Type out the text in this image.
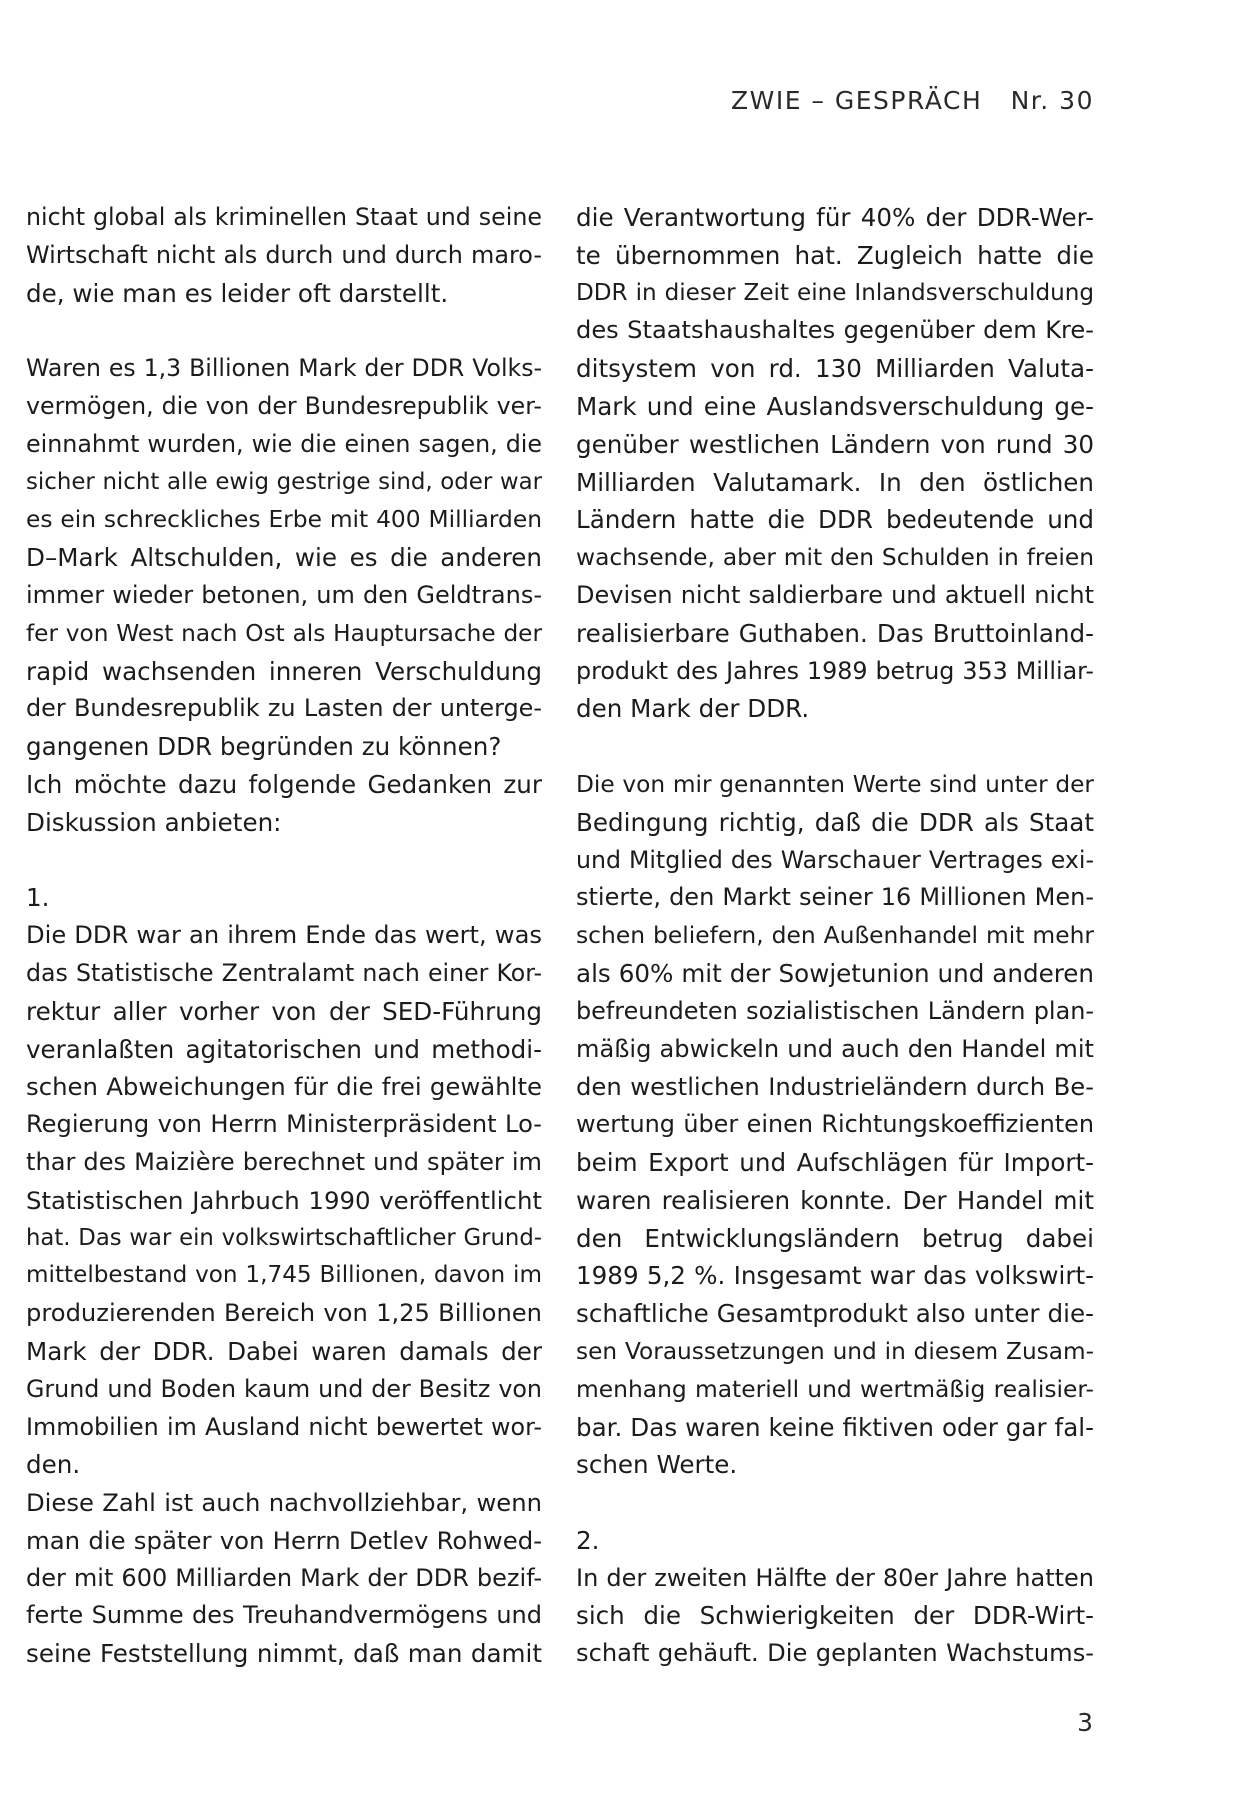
ZWIE – GESPRÄCH   Nr. 30
nicht global als kriminellen Staat und seine
Wirtschaft nicht als durch und durch maro-
de, wie man es leider oft darstellt.
Waren es 1,3 Billionen Mark der DDR Volks-
vermögen, die von der Bundesrepublik ver-
einnahmt wurden, wie die einen sagen, die
sicher nicht alle ewig gestrige sind, oder war
es ein schreckliches Erbe mit 400 Milliarden
D–Mark Altschulden, wie es die anderen
immer wieder betonen, um den Geldtrans-
fer von West nach Ost als Hauptursache der
rapid wachsenden inneren Verschuldung
der Bundesrepublik zu Lasten der unterge-
gangenen DDR begründen zu können?
Ich möchte dazu folgende Gedanken zur
Diskussion anbieten:
1.
Die DDR war an ihrem Ende das wert, was
das Statistische Zentralamt nach einer Kor-
rektur aller vorher von der SED-Führung
veranlaßten agitatorischen und methodi-
schen Abweichungen für die frei gewählte
Regierung von Herrn Ministerpräsident Lo-
thar des Maizière berechnet und später im
Statistischen Jahrbuch 1990 veröffentlicht
hat. Das war ein volkswirtschaftlicher Grund-
mittelbestand von 1,745 Billionen, davon im
produzierenden Bereich von 1,25 Billionen
Mark der DDR. Dabei waren damals der
Grund und Boden kaum und der Besitz von
Immobilien im Ausland nicht bewertet wor-
den.
Diese Zahl ist auch nachvollziehbar, wenn
man die später von Herrn Detlev Rohwed-
der mit 600 Milliarden Mark der DDR bezif-
ferte Summe des Treuhandvermögens und
seine Feststellung nimmt, daß man damit
die Verantwortung für 40% der DDR-Wer-
te übernommen hat. Zugleich hatte die
DDR in dieser Zeit eine Inlandsverschuldung
des Staatshaushaltes gegenüber dem Kre-
ditsystem von rd. 130 Milliarden Valuta-
Mark und eine Auslandsverschuldung ge-
genüber westlichen Ländern von rund 30
Milliarden Valutamark. In den östlichen
Ländern hatte die DDR bedeutende und
wachsende, aber mit den Schulden in freien
Devisen nicht saldierbare und aktuell nicht
realisierbare Guthaben. Das Bruttoinland-
produkt des Jahres 1989 betrug 353 Milliar-
den Mark der DDR.
Die von mir genannten Werte sind unter der
Bedingung richtig, daß die DDR als Staat
und Mitglied des Warschauer Vertrages exi-
stierte, den Markt seiner 16 Millionen Men-
schen beliefern, den Außenhandel mit mehr
als 60% mit der Sowjetunion und anderen
befreundeten sozialistischen Ländern plan-
mäßig abwickeln und auch den Handel mit
den westlichen Industrieländern durch Be-
wertung über einen Richtungskoeffizienten
beim Export und Aufschlägen für Import-
waren realisieren konnte. Der Handel mit
den Entwicklungsländern betrug dabei
1989 5,2 %. Insgesamt war das volkswirt-
schaftliche Gesamtprodukt also unter die-
sen Voraussetzungen und in diesem Zusam-
menhang materiell und wertmäßig realisier-
bar. Das waren keine fiktiven oder gar fal-
schen Werte.
2.
In der zweiten Hälfte der 80er Jahre hatten
sich die Schwierigkeiten der DDR-Wirt-
schaft gehäuft. Die geplanten Wachstums-
3
